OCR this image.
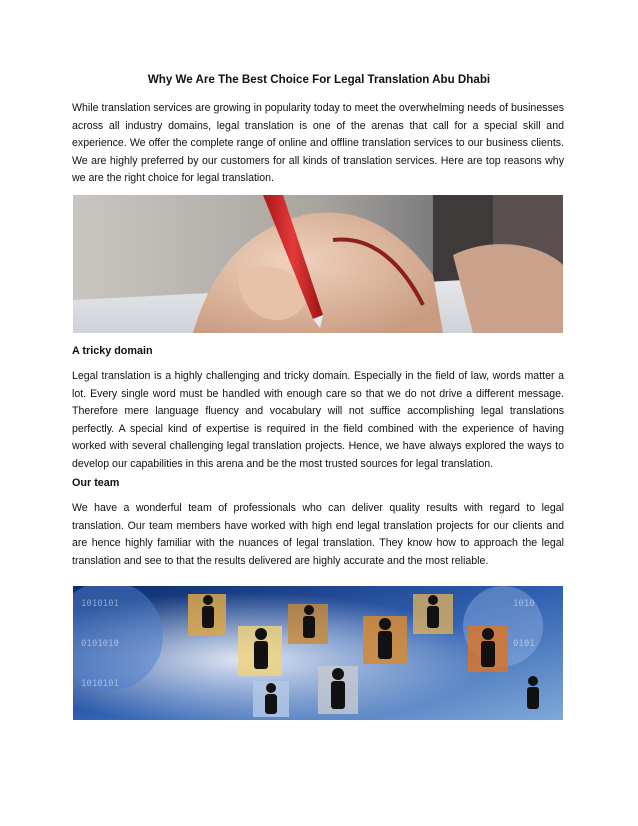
Why We Are The Best Choice For Legal Translation Abu Dhabi

While translation services are growing in popularity today to meet the overwhelming needs of businesses across all industry domains, legal translation is one of the arenas that call for a special skill and experience. We offer the complete range of online and offline translation services to our business clients. We are highly preferred by our customers for all kinds of translation services. Here are top reasons why we are the right choice for legal translation.

A tricky domain

Legal translation is a highly challenging and tricky domain. Especially in the field of law, words matter a lot. Every single word must be handled with enough care so that we do not drive a different message. Therefore mere language fluency and vocabulary will not suffice accomplishing legal translations perfectly. A special kind of expertise is required in the field combined with the experience of having worked with several challenging legal translation projects. Hence, we have always explored the ways to develop our capabilities in this arena and be the most trusted sources for legal translation.

Our team

We have a wonderful team of professionals who can deliver quality results with regard to legal translation. Our team members have worked with high end legal translation projects for our clients and are hence highly familiar with the nuances of legal translation. They know how to approach the legal translation and see to that the results delivered are highly accurate and the most reliable.

1010101
0101010
1010101
1010
0101
